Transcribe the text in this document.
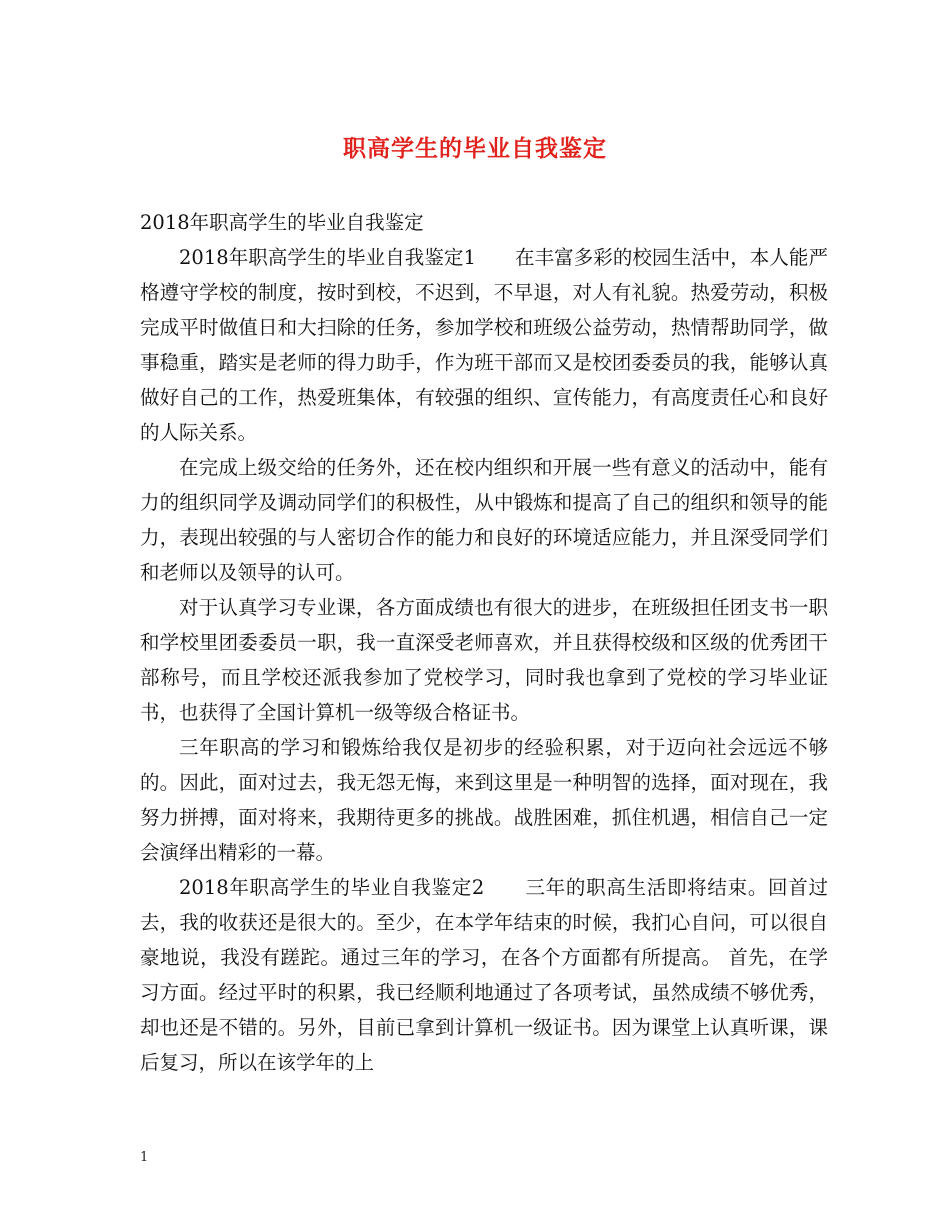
职高学生的毕业自我鉴定

2018年职高学生的毕业自我鉴定

2018年职高学生的毕业自我鉴定1　　在丰富多彩的校园生活中，本人能严格遵守学校的制度，按时到校，不迟到，不早退，对人有礼貌。热爱劳动，积极完成平时做值日和大扫除的任务，参加学校和班级公益劳动，热情帮助同学，做事稳重，踏实是老师的得力助手，作为班干部而又是校团委委员的我，能够认真做好自己的工作，热爱班集体，有较强的组织、宣传能力，有高度责任心和良好的人际关系。

在完成上级交给的任务外，还在校内组织和开展一些有意义的活动中，能有力的组织同学及调动同学们的积极性，从中锻炼和提高了自己的组织和领导的能力，表现出较强的与人密切合作的能力和良好的环境适应能力，并且深受同学们和老师以及领导的认可。

对于认真学习专业课，各方面成绩也有很大的进步，在班级担任团支书一职和学校里团委委员一职，我一直深受老师喜欢，并且获得校级和区级的优秀团干部称号，而且学校还派我参加了党校学习，同时我也拿到了党校的学习毕业证书，也获得了全国计算机一级等级合格证书。

三年职高的学习和锻炼给我仅是初步的经验积累，对于迈向社会远远不够的。因此，面对过去，我无怨无悔，来到这里是一种明智的选择，面对现在，我努力拼搏，面对将来，我期待更多的挑战。战胜困难，抓住机遇，相信自己一定会演绎出精彩的一幕。

2018年职高学生的毕业自我鉴定2　　三年的职高生活即将结束。回首过去，我的收获还是很大的。至少，在本学年结束的时候，我扪心自问，可以很自豪地说，我没有蹉跎。通过三年的学习，在各个方面都有所提高。 首先，在学习方面。经过平时的积累，我已经顺利地通过了各项考试，虽然成绩不够优秀，却也还是不错的。另外，目前已拿到计算机一级证书。因为课堂上认真听课，课后复习，所以在该学年的上

1
